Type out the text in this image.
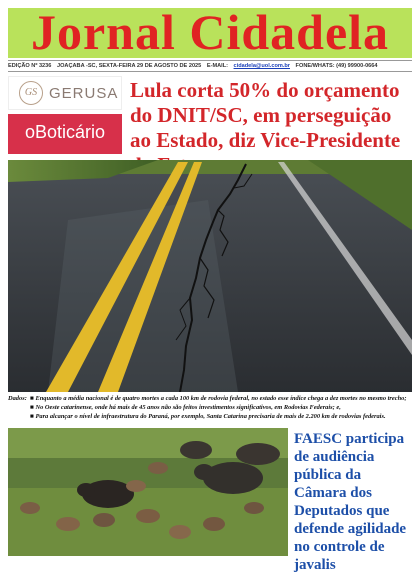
Jornal Cidadela
EDIÇÃO Nº 3236 JOAÇABA -SC, SEXTA-FEIRA 29 DE AGOSTO DE 2025 E-MAIL: cidadela@uol.com.br FONE/WHATS: (49) 99900-0664
GS GERUSA
oBoticário
Lula corta 50% do orçamento do DNIT/SC, em perseguição ao Estado, diz Vice-Presidente
Dados:
■	Enquanto a média nacional é de quatro mortes a cada 100 km de rodovia federal, no estado esse índice chega a dez mortes no mesmo trecho;
■ No Oeste catarinense, onde há mais de 45 anos não são feitos investimentos significativos, em Rodovias Federais; e,
■ Para alcançar o nível de infraestrutura do Paraná, por exemplo, Santa Catarina precisaria de mais de 2.200 km de rodovias federais.
FAESC participa de audiência pública da Câmara dos Deputados que defende agilidade no controle de javalis
